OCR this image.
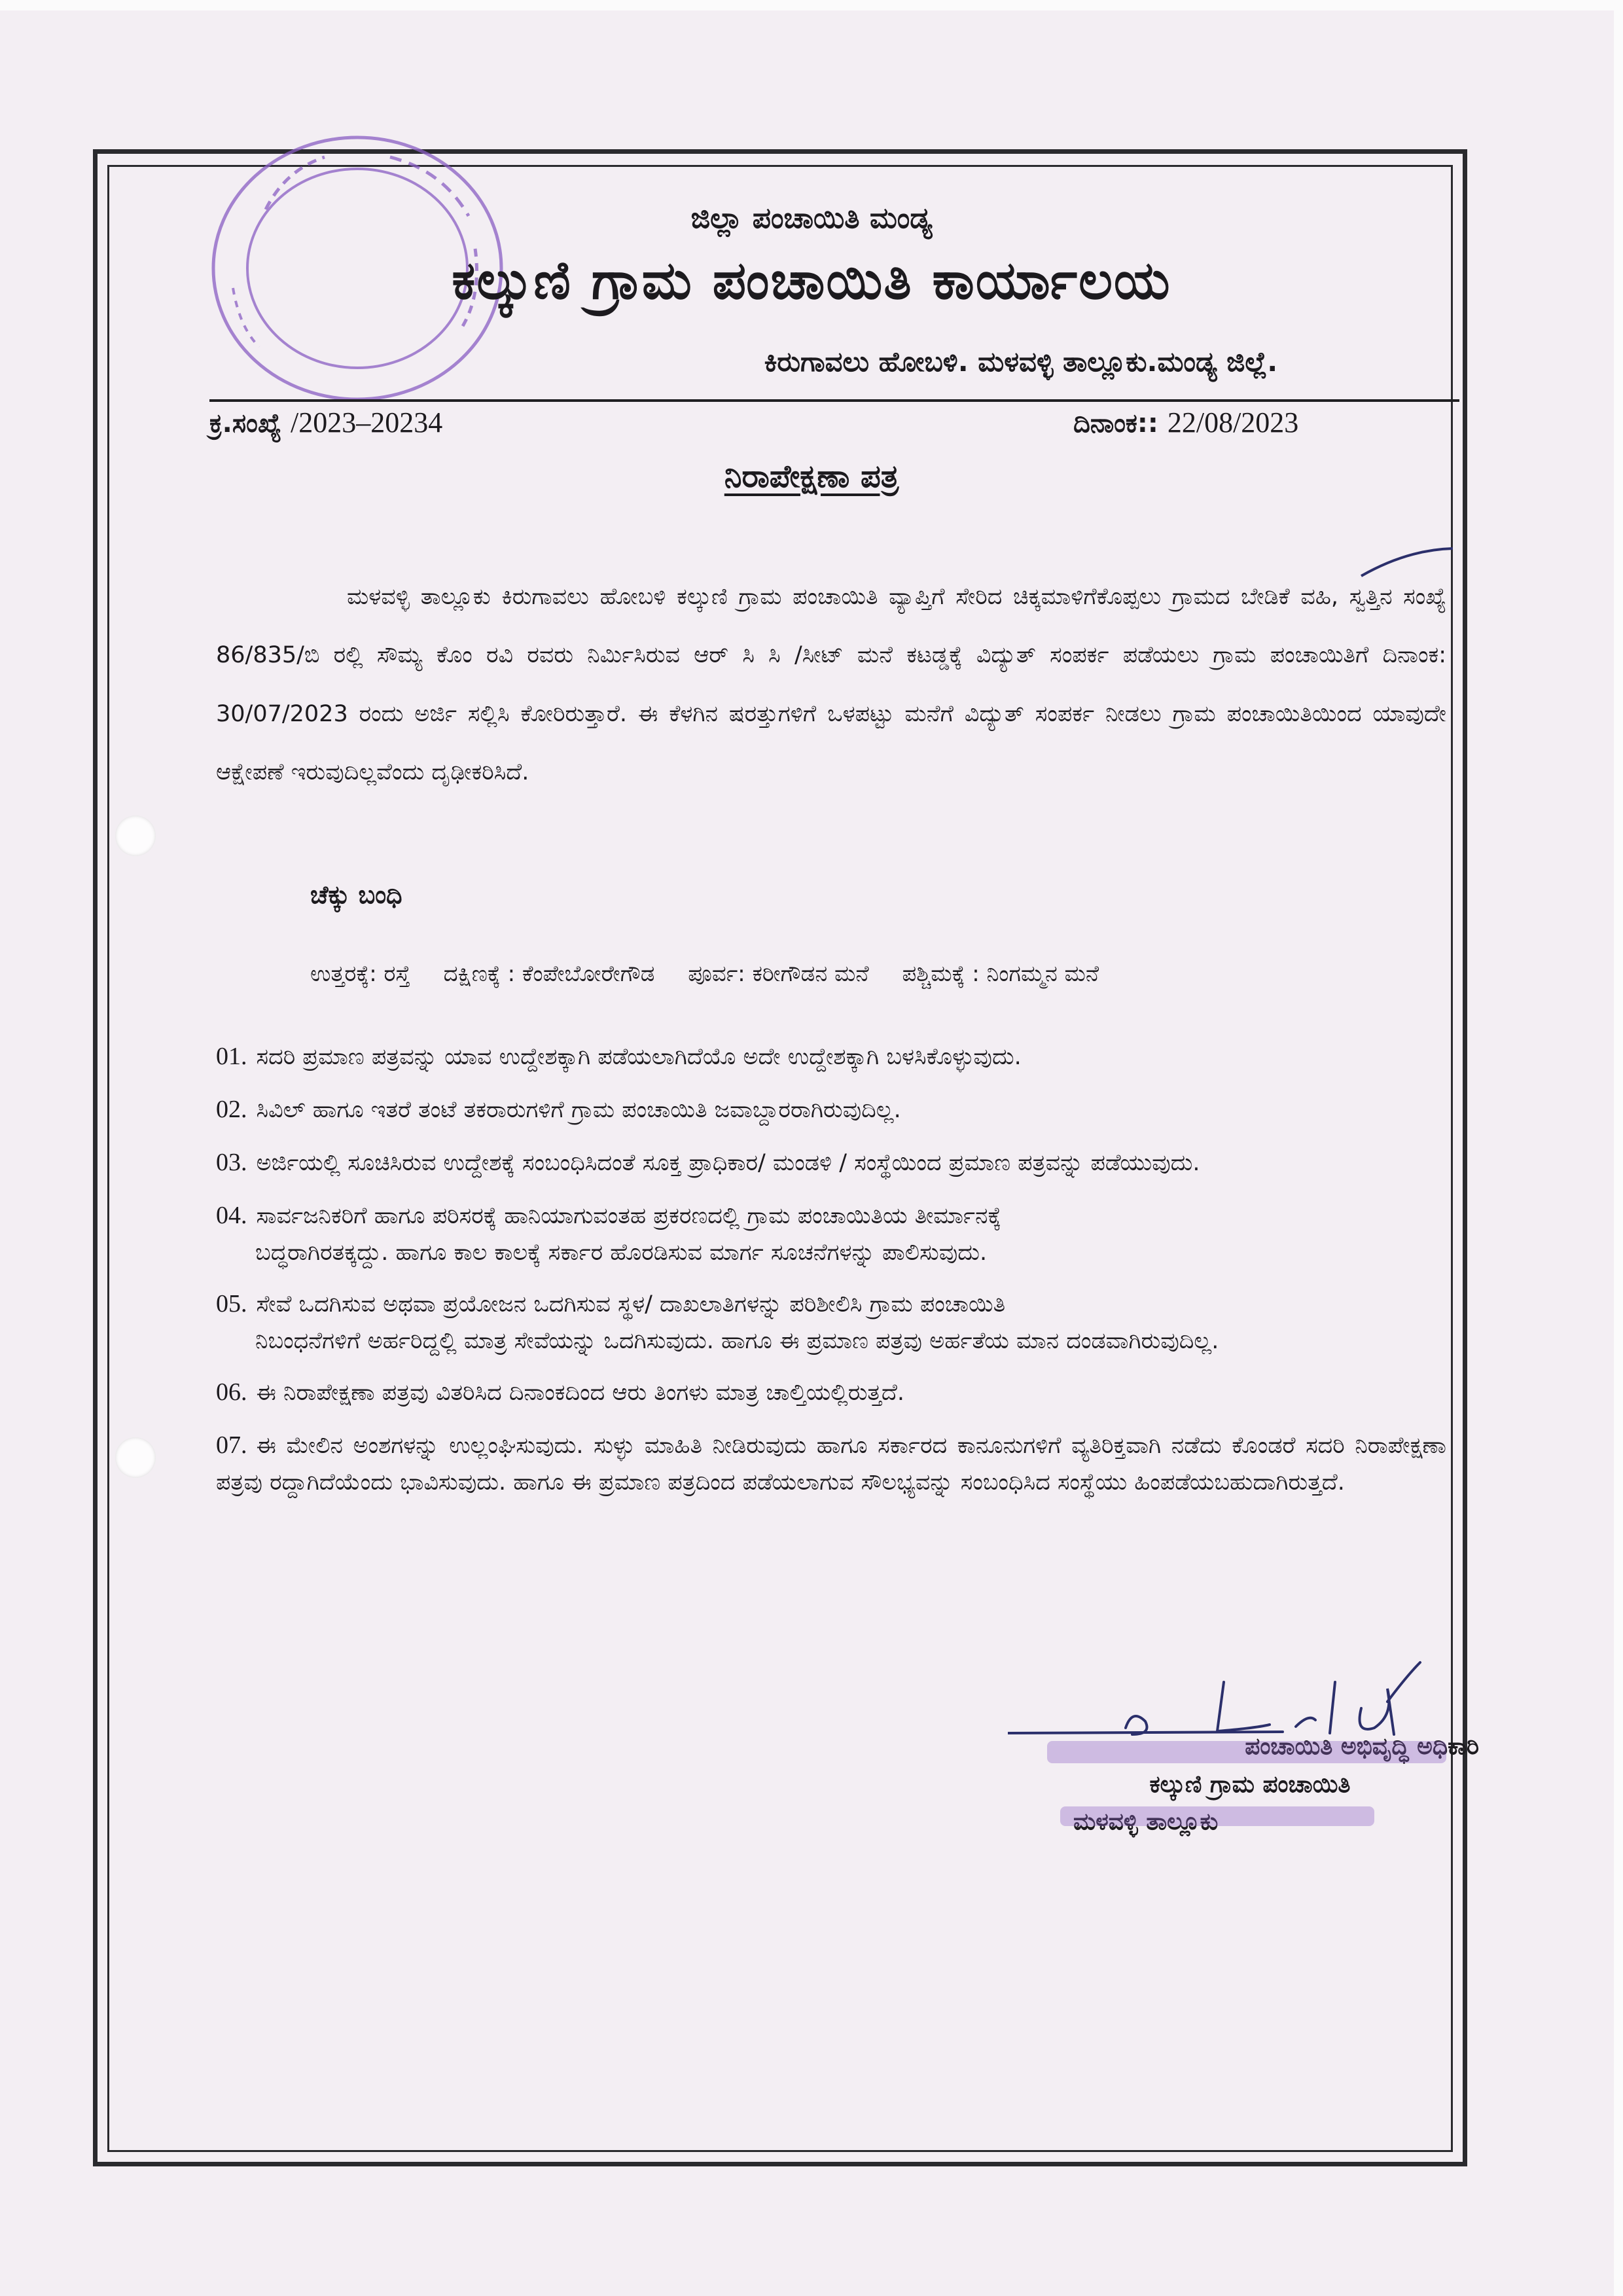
ಜಿಲ್ಲಾ ಪಂಚಾಯಿತಿ ಮಂಡ್ಯ
ಕಲ್ಕುಣಿ ಗ್ರಾಮ ಪಂಚಾಯಿತಿ ಕಾರ್ಯಾಲಯ
ಕಿರುಗಾವಲು ಹೋಬಳಿ. ಮಳವಳ್ಳಿ ತಾಲ್ಲೂಕು.ಮಂಡ್ಯ ಜಿಲ್ಲೆ.
ಕ್ರ.ಸಂಖ್ಯೆ /2023–20234	ದಿನಾಂಕ:: 22/08/2023
ನಿರಾಪೇಕ್ಷಣಾ ಪತ್ರ

ಮಳವಳ್ಳಿ ತಾಲ್ಲೂಕು ಕಿರುಗಾವಲು ಹೋಬಳಿ ಕಲ್ಕುಣಿ ಗ್ರಾಮ ಪಂಚಾಯಿತಿ ವ್ಯಾಪ್ತಿಗೆ ಸೇರಿದ ಚಿಕ್ಕಮಾಳಿಗೆಕೊಪ್ಪಲು ಗ್ರಾಮದ ಬೇಡಿಕೆ ವಹಿ, ಸ್ವತ್ತಿನ ಸಂಖ್ಯೆ 86/835/ಬಿ ರಲ್ಲಿ ಸೌಮ್ಯ ಕೊಂ ರವಿ ರವರು ನಿರ್ಮಿಸಿರುವ ಆರ್ ಸಿ ಸಿ /ಸೀಟ್ ಮನೆ ಕಟಡ್ಡಕ್ಕೆ ವಿದ್ಯುತ್ ಸಂಪರ್ಕ ಪಡೆಯಲು ಗ್ರಾಮ ಪಂಚಾಯಿತಿಗೆ ದಿನಾಂಕ: 30/07/2023 ರಂದು ಅರ್ಜಿ ಸಲ್ಲಿಸಿ ಕೋರಿರುತ್ತಾರೆ. ಈ ಕೆಳಗಿನ ಷರತ್ತುಗಳಿಗೆ ಒಳಪಟ್ಟು ಮನೆಗೆ ವಿದ್ಯುತ್ ಸಂಪರ್ಕ ನೀಡಲು ಗ್ರಾಮ ಪಂಚಾಯಿತಿಯಿಂದ ಯಾವುದೇ ಆಕ್ಷೇಪಣೆ ಇರುವುದಿಲ್ಲವೆಂದು ದೃಢೀಕರಿಸಿದೆ.

ಚೆಕ್ಕು ಬಂಧಿ
ಉತ್ತರಕ್ಕೆ: ರಸ್ತೆ ದಕ್ಷಿಣಕ್ಕೆ : ಕೆಂಪೇಬೋರೇಗೌಡ ಪೂರ್ವ: ಕರೀಗೌಡನ ಮನೆ ಪಶ್ಚಿಮಕ್ಕೆ : ನಿಂಗಮ್ಮನ ಮನೆ
01. ಸದರಿ ಪ್ರಮಾಣ ಪತ್ರವನ್ನು ಯಾವ ಉದ್ದೇಶಕ್ಕಾಗಿ ಪಡೆಯಲಾಗಿದೆಯೊ ಅದೇ ಉದ್ದೇಶಕ್ಕಾಗಿ ಬಳಸಿಕೊಳ್ಳುವುದು.
02. ಸಿವಿಲ್ ಹಾಗೂ ಇತರೆ ತಂಟೆ ತಕರಾರುಗಳಿಗೆ ಗ್ರಾಮ ಪಂಚಾಯಿತಿ ಜವಾಬ್ದಾರರಾಗಿರುವುದಿಲ್ಲ.
03. ಅರ್ಜಿಯಲ್ಲಿ ಸೂಚಿಸಿರುವ ಉದ್ದೇಶಕ್ಕೆ ಸಂಬಂಧಿಸಿದಂತೆ ಸೂಕ್ತ ಪ್ರಾಧಿಕಾರ/ ಮಂಡಳಿ / ಸಂಸ್ಥೆಯಿಂದ ಪ್ರಮಾಣ ಪತ್ರವನ್ನು ಪಡೆಯುವುದು.
04. ಸಾರ್ವಜನಿಕರಿಗೆ ಹಾಗೂ ಪರಿಸರಕ್ಕೆ ಹಾನಿಯಾಗುವಂತಹ ಪ್ರಕರಣದಲ್ಲಿ ಗ್ರಾಮ ಪಂಚಾಯಿತಿಯ ತೀರ್ಮಾನಕ್ಕೆ
ಬದ್ಧರಾಗಿರತಕ್ಕದ್ದು. ಹಾಗೂ ಕಾಲ ಕಾಲಕ್ಕೆ ಸರ್ಕಾರ ಹೊರಡಿಸುವ ಮಾರ್ಗ ಸೂಚನೆಗಳನ್ನು ಪಾಲಿಸುವುದು.
05. ಸೇವೆ ಒದಗಿಸುವ ಅಥವಾ ಪ್ರಯೋಜನ ಒದಗಿಸುವ ಸ್ಥಳ/ ದಾಖಲಾತಿಗಳನ್ನು ಪರಿಶೀಲಿಸಿ ಗ್ರಾಮ ಪಂಚಾಯಿತಿ
ನಿಬಂಧನೆಗಳಿಗೆ ಅರ್ಹರಿದ್ದಲ್ಲಿ ಮಾತ್ರ ಸೇವೆಯನ್ನು ಒದಗಿಸುವುದು. ಹಾಗೂ ಈ ಪ್ರಮಾಣ ಪತ್ರವು ಅರ್ಹತೆಯ ಮಾನ ದಂಡವಾಗಿರುವುದಿಲ್ಲ.
06. ಈ ನಿರಾಪೇಕ್ಷಣಾ ಪತ್ರವು ವಿತರಿಸಿದ ದಿನಾಂಕದಿಂದ ಆರು ತಿಂಗಳು ಮಾತ್ರ ಚಾಲ್ತಿಯಲ್ಲಿರುತ್ತದೆ.
07. ಈ ಮೇಲಿನ ಅಂಶಗಳನ್ನು ಉಲ್ಲಂಘಿಸುವುದು. ಸುಳ್ಳು ಮಾಹಿತಿ ನೀಡಿರುವುದು ಹಾಗೂ ಸರ್ಕಾರದ ಕಾನೂನುಗಳಿಗೆ ವ್ಯತಿರಿಕ್ತವಾಗಿ ನಡೆದು ಕೊಂಡರೆ ಸದರಿ ನಿರಾಪೇಕ್ಷಣಾ ಪತ್ರವು ರದ್ದಾಗಿದೆಯೆಂದು ಭಾವಿಸುವುದು. ಹಾಗೂ ಈ ಪ್ರಮಾಣ ಪತ್ರದಿಂದ ಪಡೆಯಲಾಗುವ ಸೌಲಭ್ಯವನ್ನು ಸಂಬಂಧಿಸಿದ ಸಂಸ್ಥೆಯು ಹಿಂಪಡೆಯಬಹುದಾಗಿರುತ್ತದೆ.
ಪಂಚಾಯಿತಿ ಅಭಿವೃದ್ಧಿ ಅಧಿಕಾರಿ
ಕಲ್ಕುಣಿ ಗ್ರಾಮ ಪಂಚಾಯಿತಿ
ಮಳವಳ್ಳಿ ತಾಲ್ಲೂಕು
